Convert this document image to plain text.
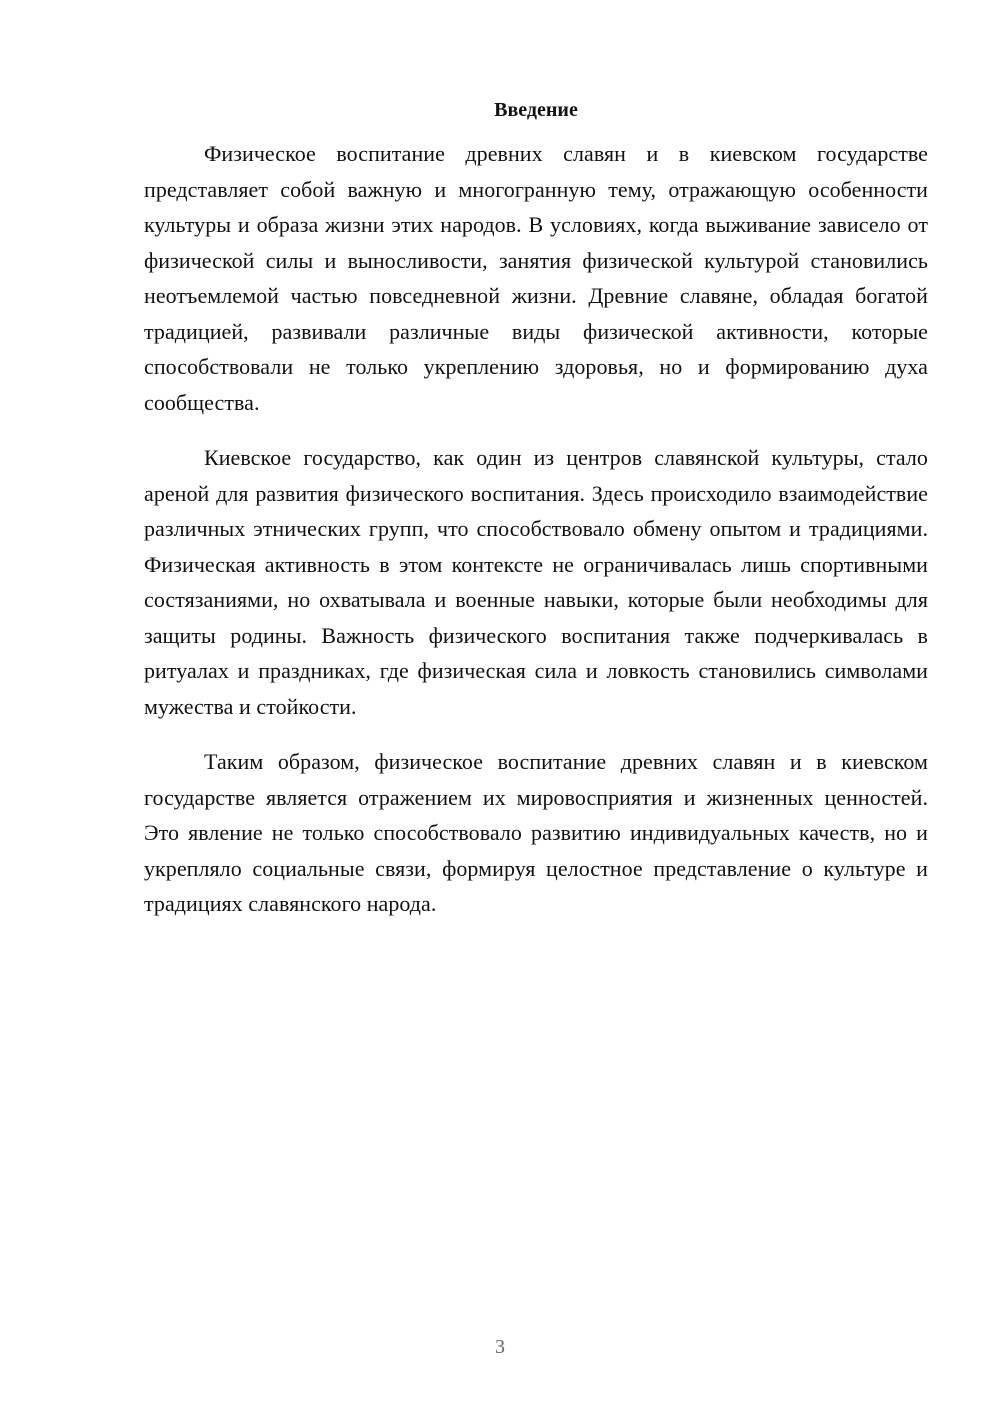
Введение

Физическое воспитание древних славян и в киевском государстве представляет собой важную и многогранную тему, отражающую особенности культуры и образа жизни этих народов. В условиях, когда выживание зависело от физической силы и выносливости, занятия физической культурой становились неотъемлемой частью повседневной жизни. Древние славяне, обладая богатой традицией, развивали различные виды физической активности, которые способствовали не только укреплению здоровья, но и формированию духа сообщества.

Киевское государство, как один из центров славянской культуры, стало ареной для развития физического воспитания. Здесь происходило взаимодействие различных этнических групп, что способствовало обмену опытом и традициями. Физическая активность в этом контексте не ограничивалась лишь спортивными состязаниями, но охватывала и военные навыки, которые были необходимы для защиты родины. Важность физического воспитания также подчеркивалась в ритуалах и праздниках, где физическая сила и ловкость становились символами мужества и стойкости.

Таким образом, физическое воспитание древних славян и в киевском государстве является отражением их мировосприятия и жизненных ценностей. Это явление не только способствовало развитию индивидуальных качеств, но и укрепляло социальные связи, формируя целостное представление о культуре и традициях славянского народа.

3
